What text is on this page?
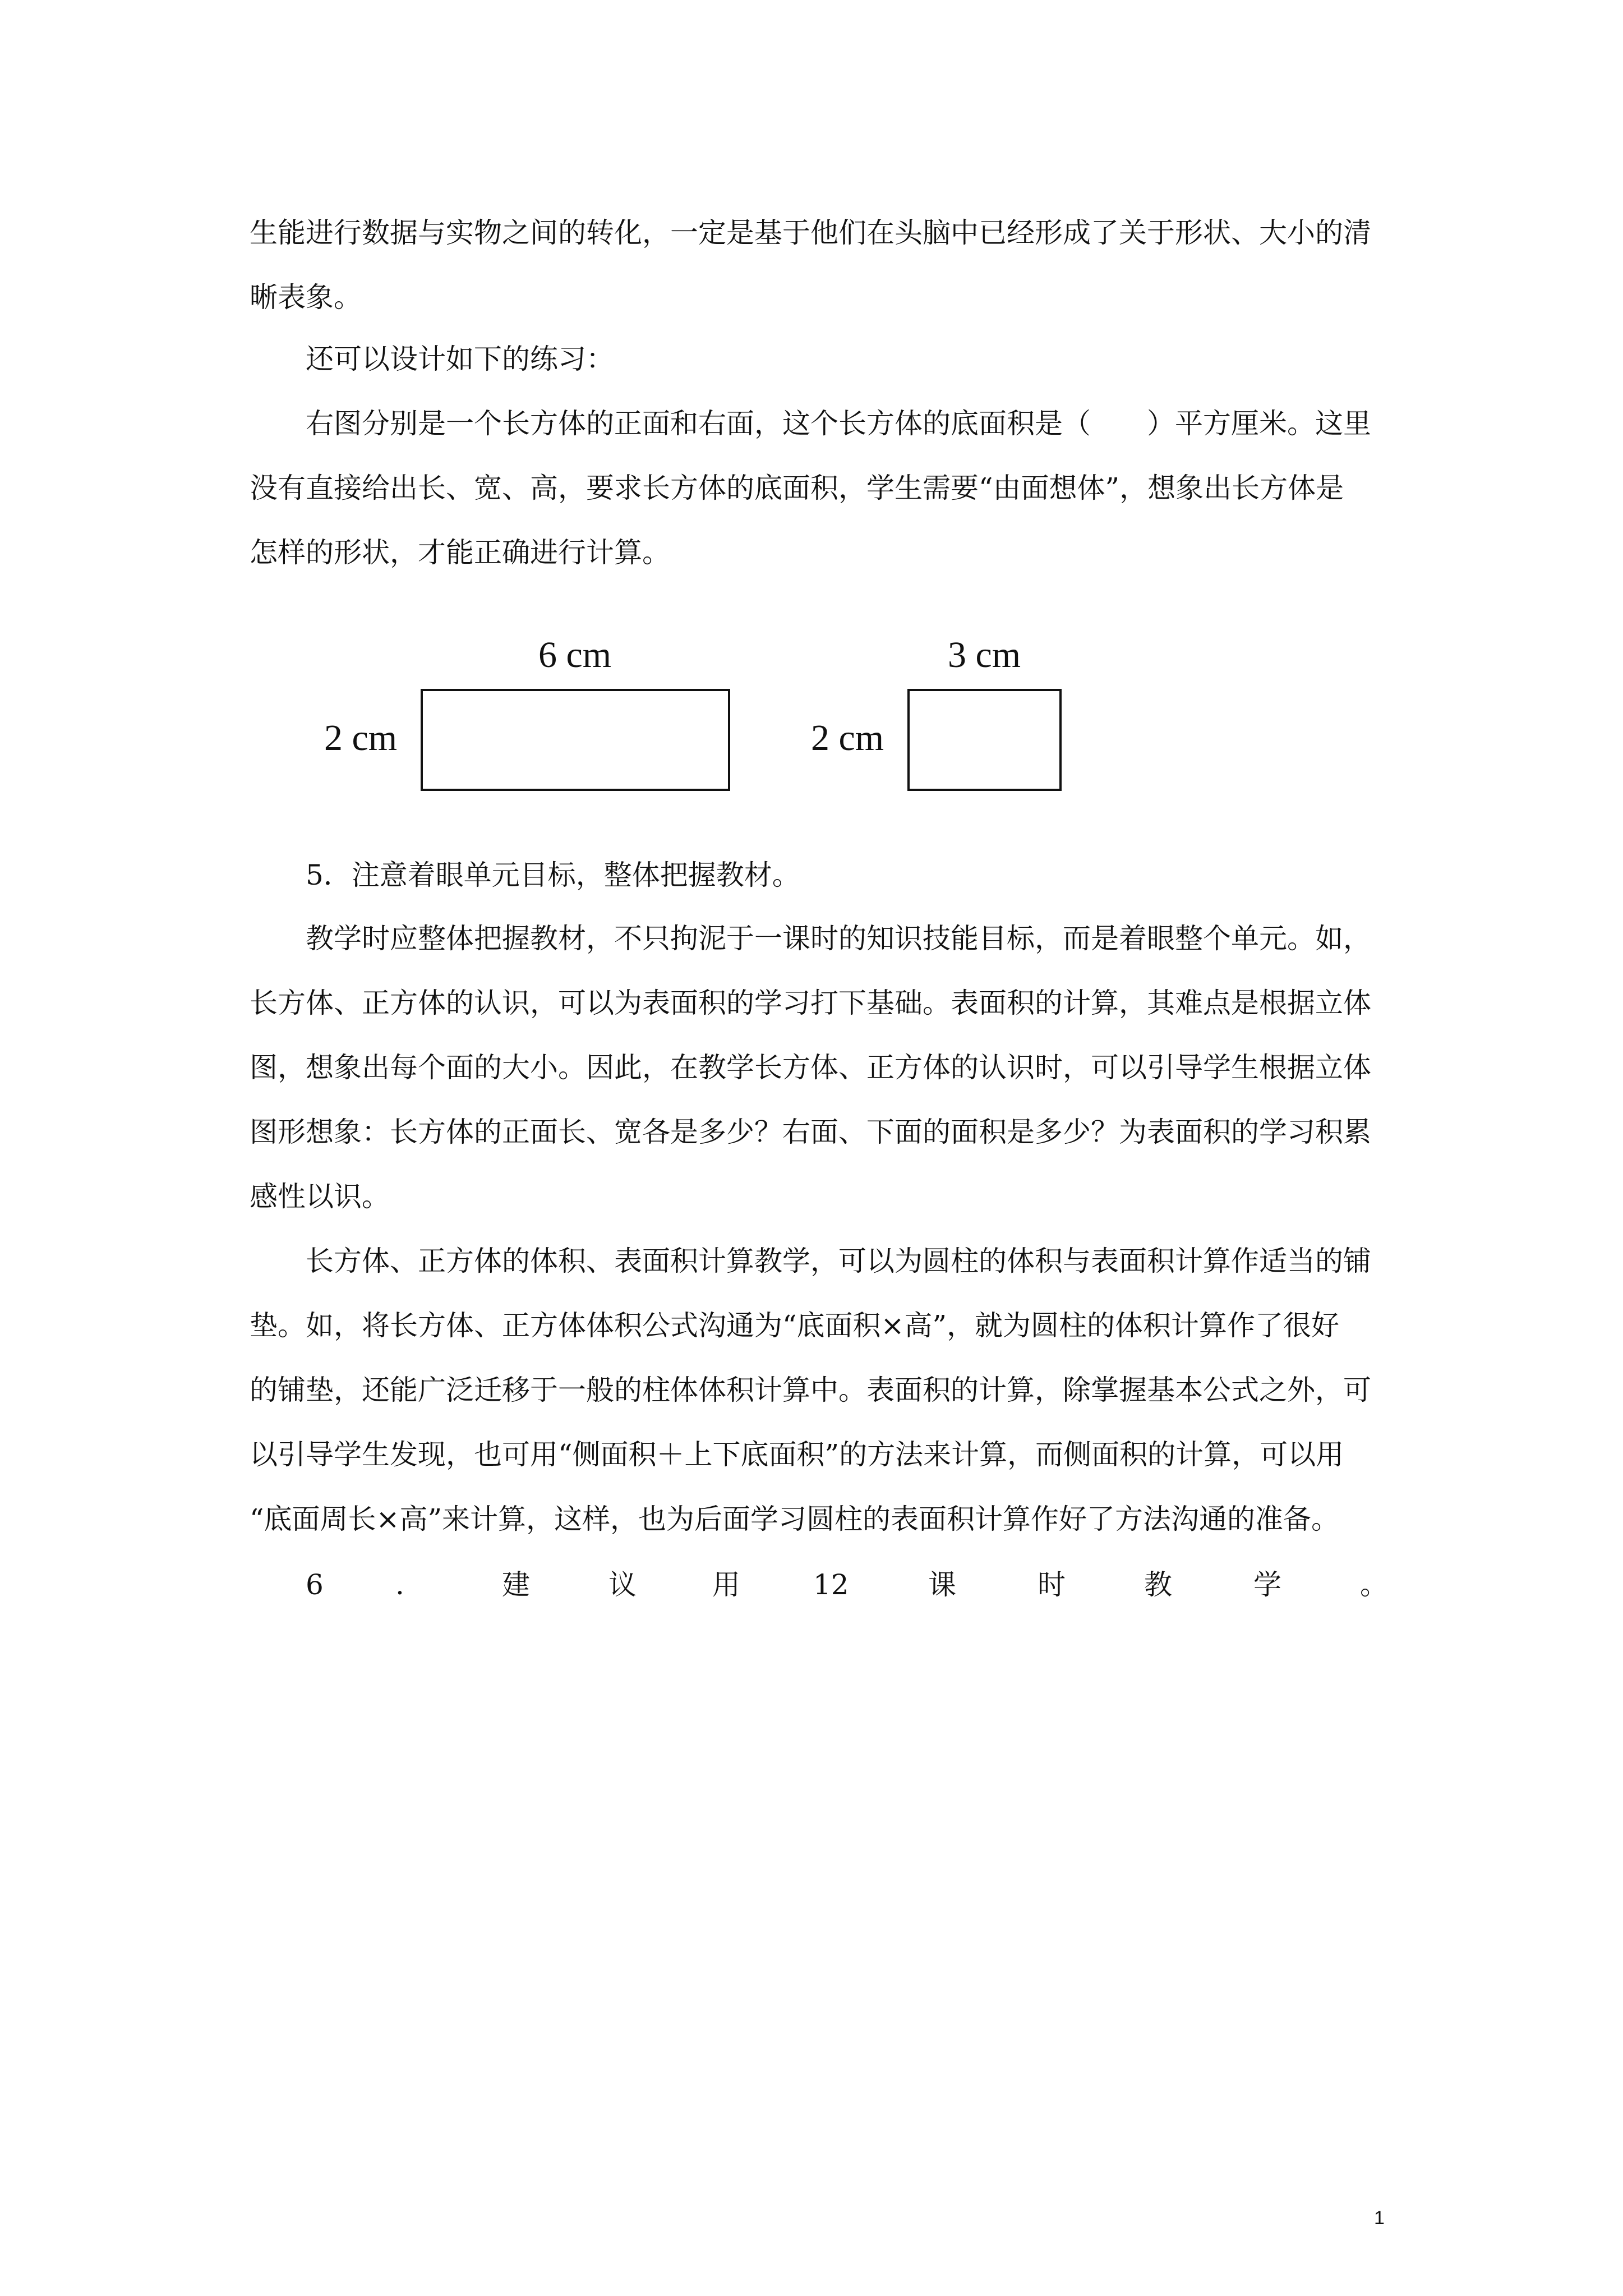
生能进行数据与实物之间的转化，一定是基于他们在头脑中已经形成了关于形状、大小的清
晰表象。
还可以设计如下的练习：
右图分别是一个长方体的正面和右面，这个长方体的底面积是（　　）平方厘米。这里
没有直接给出长、宽、高，要求长方体的底面积，学生需要“由面想体”，想象出长方体是
怎样的形状，才能正确进行计算。
6 cm
2 cm
3 cm
2 cm
5．注意着眼单元目标，整体把握教材。
教学时应整体把握教材，不只拘泥于一课时的知识技能目标，而是着眼整个单元。如，
长方体、正方体的认识，可以为表面积的学习打下基础。表面积的计算，其难点是根据立体
图，想象出每个面的大小。因此，在教学长方体、正方体的认识时，可以引导学生根据立体
图形想象：长方体的正面长、宽各是多少？右面、下面的面积是多少？为表面积的学习积累
感性以识。
长方体、正方体的体积、表面积计算教学，可以为圆柱的体积与表面积计算作适当的铺
垫。如，将长方体、正方体体积公式沟通为“底面积×高”，就为圆柱的体积计算作了很好
的铺垫，还能广泛迁移于一般的柱体体积计算中。表面积的计算，除掌握基本公式之外，可
以引导学生发现，也可用“侧面积＋上下底面积”的方法来计算，而侧面积的计算，可以用
“底面周长×高”来计算，这样，也为后面学习圆柱的表面积计算作好了方法沟通的准备。
6	.	建	议	用	12	课	时	教	学	。
1
